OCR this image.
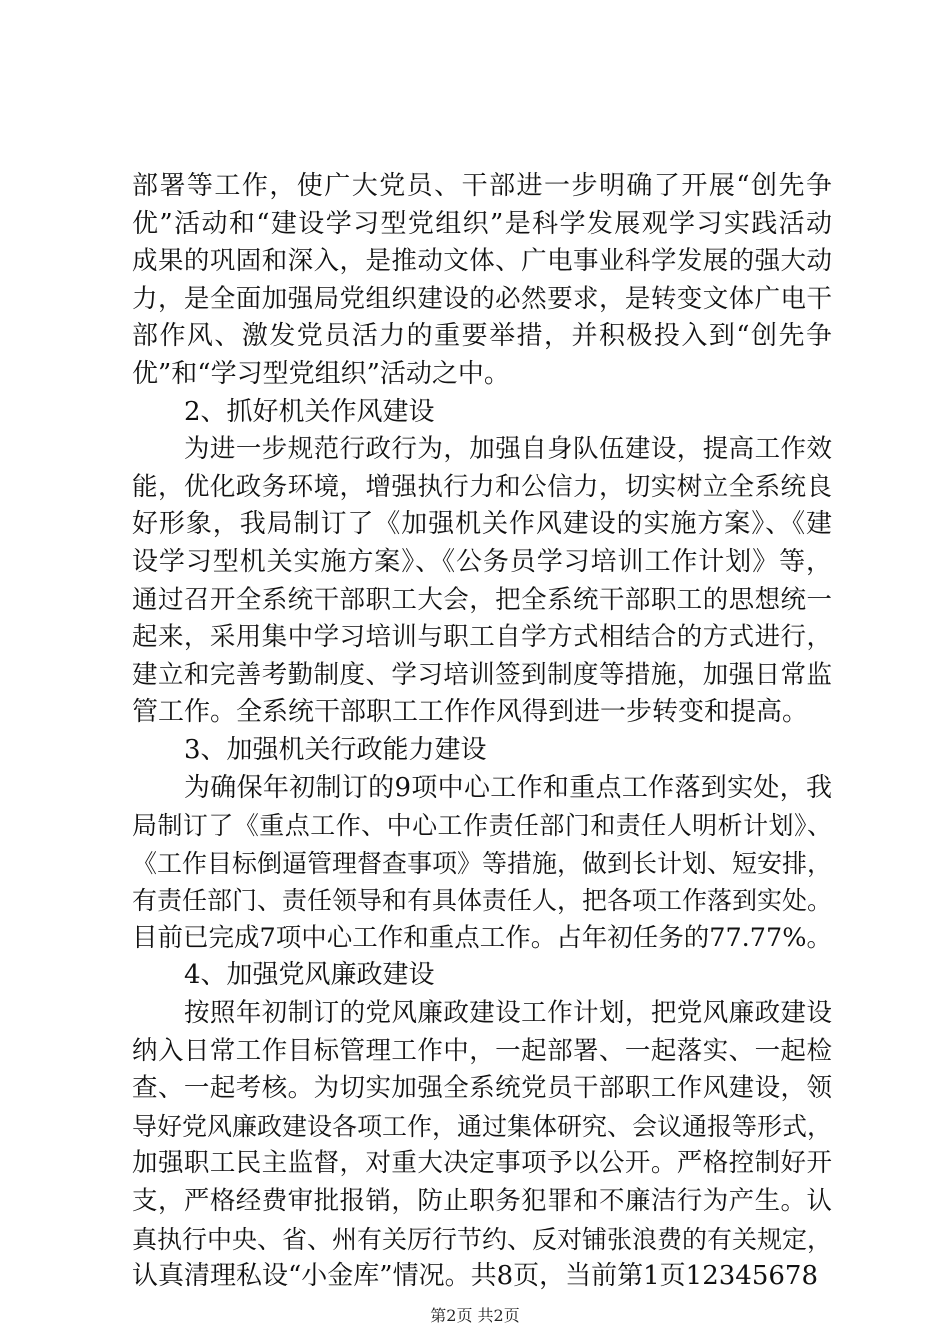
部署等工作，使广大党员、干部进一步明确了开展“创先争
优”活动和“建设学习型党组织”是科学发展观学习实践活动
成果的巩固和深入，是推动文体、广电事业科学发展的强大动
力，是全面加强局党组织建设的必然要求，是转变文体广电干
部作风、激发党员活力的重要举措，并积极投入到“创先争
优”和“学习型党组织”活动之中。
2、抓好机关作风建设
为进一步规范行政行为，加强自身队伍建设，提高工作效
能，优化政务环境，增强执行力和公信力，切实树立全系统良
好形象，我局制订了《加强机关作风建设的实施方案》、《建
设学习型机关实施方案》、《公务员学习培训工作计划》等，
通过召开全系统干部职工大会，把全系统干部职工的思想统一
起来，采用集中学习培训与职工自学方式相结合的方式进行，
建立和完善考勤制度、学习培训签到制度等措施，加强日常监
管工作。全系统干部职工工作作风得到进一步转变和提高。
3、加强机关行政能力建设
为确保年初制订的9项中心工作和重点工作落到实处，我
局制订了《重点工作、中心工作责任部门和责任人明析计划》、
《工作目标倒逼管理督查事项》等措施，做到长计划、短安排，
有责任部门、责任领导和有具体责任人，把各项工作落到实处。
目前已完成7项中心工作和重点工作。占年初任务的77.77%。
4、加强党风廉政建设
按照年初制订的党风廉政建设工作计划，把党风廉政建设
纳入日常工作目标管理工作中，一起部署、一起落实、一起检
查、一起考核。为切实加强全系统党员干部职工作风建设，领
导好党风廉政建设各项工作，通过集体研究、会议通报等形式，
加强职工民主监督，对重大决定事项予以公开。严格控制好开
支，严格经费审批报销，防止职务犯罪和不廉洁行为产生。认
真执行中央、省、州有关厉行节约、反对铺张浪费的有关规定，
认真清理私设“小金库”情况。共8页，当前第1页12345678
第2页 共2页
